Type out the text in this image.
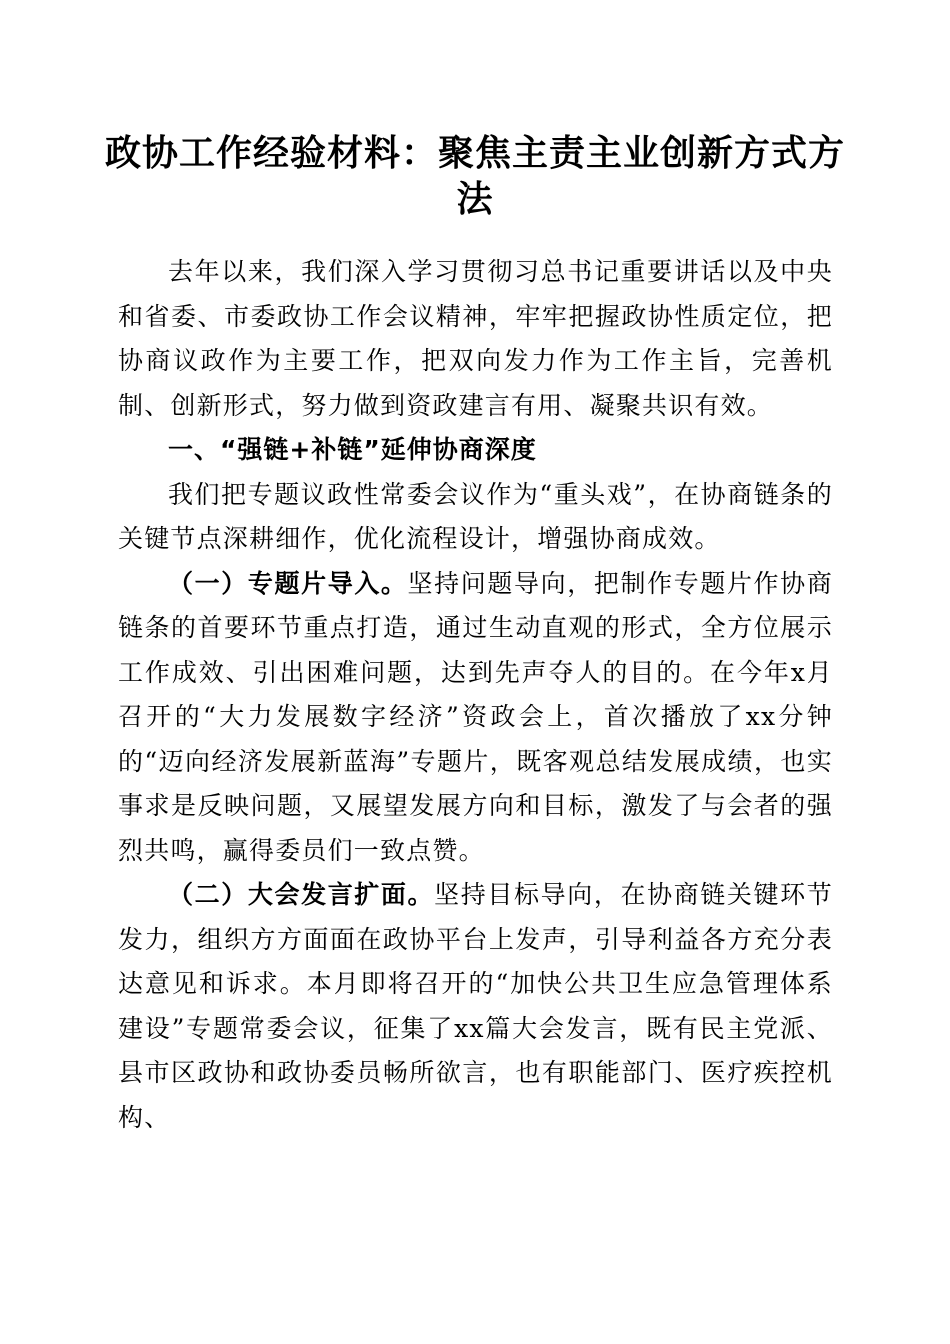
政协工作经验材料：聚焦主责主业创新方式方法

去年以来，我们深入学习贯彻习总书记重要讲话以及中央和省委、市委政协工作会议精神，牢牢把握政协性质定位，把协商议政作为主要工作，把双向发力作为工作主旨，完善机制、创新形式，努力做到资政建言有用、凝聚共识有效。

一、“强链+补链”延伸协商深度

我们把专题议政性常委会议作为“重头戏”，在协商链条的关键节点深耕细作，优化流程设计，增强协商成效。

（一）专题片导入。坚持问题导向，把制作专题片作协商链条的首要环节重点打造，通过生动直观的形式，全方位展示工作成效、引出困难问题，达到先声夺人的目的。在今年x月召开的“大力发展数字经济”资政会上，首次播放了xx分钟的“迈向经济发展新蓝海”专题片，既客观总结发展成绩，也实事求是反映问题，又展望发展方向和目标，激发了与会者的强烈共鸣，赢得委员们一致点赞。

（二）大会发言扩面。坚持目标导向，在协商链关键环节发力，组织方方面面在政协平台上发声，引导利益各方充分表达意见和诉求。本月即将召开的“加快公共卫生应急管理体系建设”专题常委会议，征集了xx篇大会发言，既有民主党派、县市区政协和政协委员畅所欲言，也有职能部门、医疗疾控机构、
